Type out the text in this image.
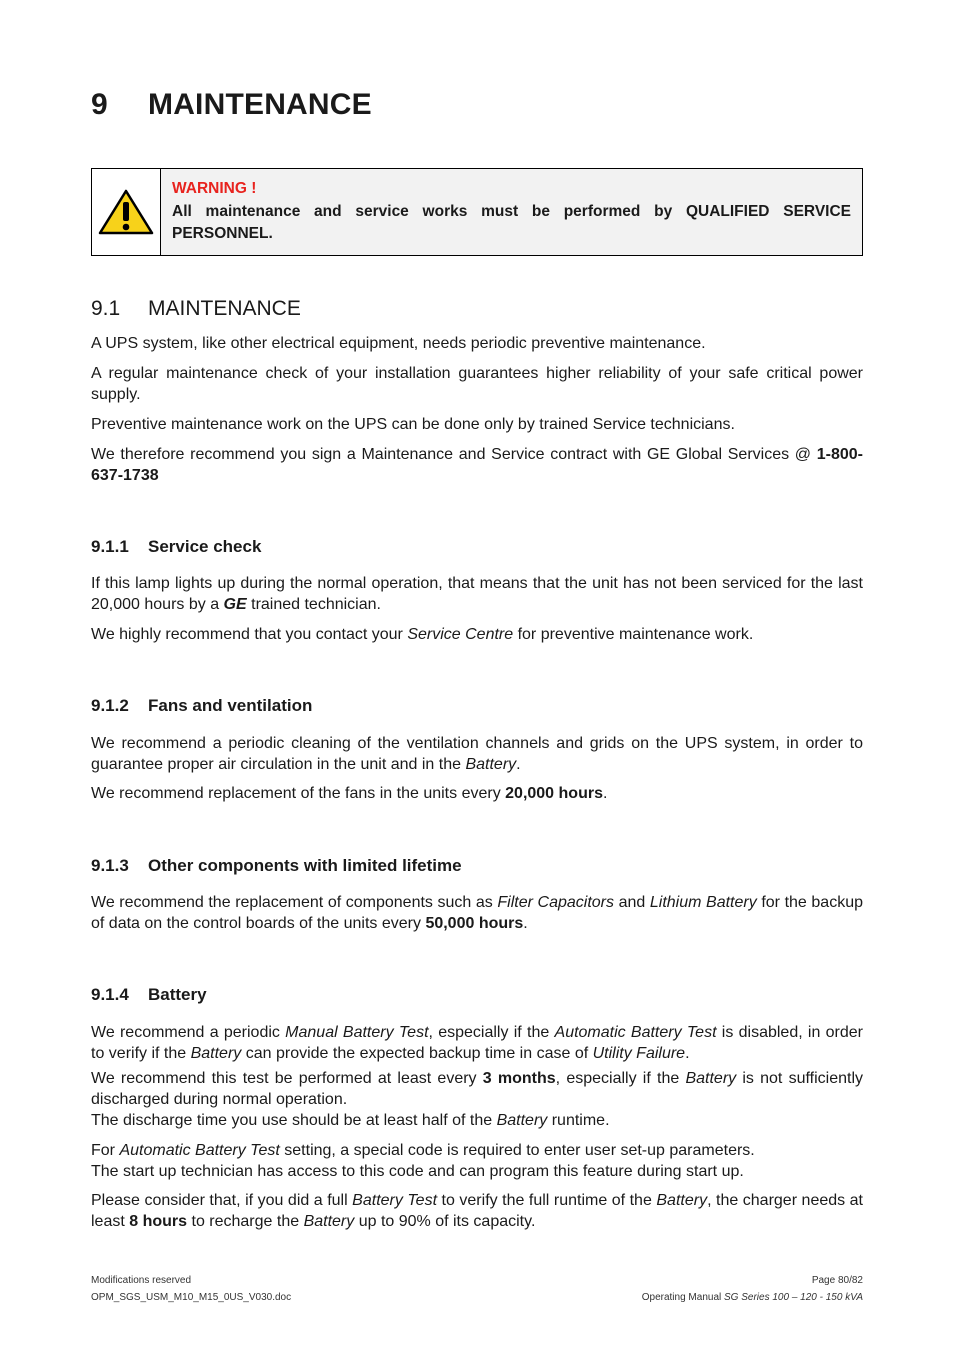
9 MAINTENANCE
WARNING !
All maintenance and service works must be performed by QUALIFIED SERVICE
PERSONNEL.
9.1 MAINTENANCE

A UPS system, like other electrical equipment, needs periodic preventive maintenance.

A regular maintenance check of your installation guarantees higher reliability of your safe critical power supply.

Preventive maintenance work on the UPS can be done only by trained Service technicians.

We therefore recommend you sign a Maintenance and Service contract with GE Global Services @ 1-800-637-1738

9.1.1 Service check

If this lamp lights up during the normal operation, that means that the unit has not been serviced for the last 20,000 hours by a GE trained technician.

We highly recommend that you contact your Service Centre for preventive maintenance work.

9.1.2 Fans and ventilation

We recommend a periodic cleaning of the ventilation channels and grids on the UPS system, in order to guarantee proper air circulation in the unit and in the Battery.

We recommend replacement of the fans in the units every 20,000 hours.

9.1.3 Other components with limited lifetime

We recommend the replacement of components such as Filter Capacitors and Lithium Battery for the backup of data on the control boards of the units every 50,000 hours.

9.1.4 Battery

We recommend a periodic Manual Battery Test, especially if the Automatic Battery Test is disabled, in order to verify if the Battery can provide the expected backup time in case of Utility Failure.

We recommend this test be performed at least every 3 months, especially if the Battery is not sufficiently discharged during normal operation.

The discharge time you use should be at least half of the Battery runtime.

For Automatic Battery Test setting, a special code is required to enter user set-up parameters.

The start up technician has access to this code and can program this feature during start up.

Please consider that, if you did a full Battery Test to verify the full runtime of the Battery, the charger needs at least 8 hours to recharge the Battery up to 90% of its capacity.

Modifications reserved	Page 80/82
OPM_SGS_USM_M10_M15_0US_V030.doc	Operating Manual SG Series 100 – 120 - 150 kVA
